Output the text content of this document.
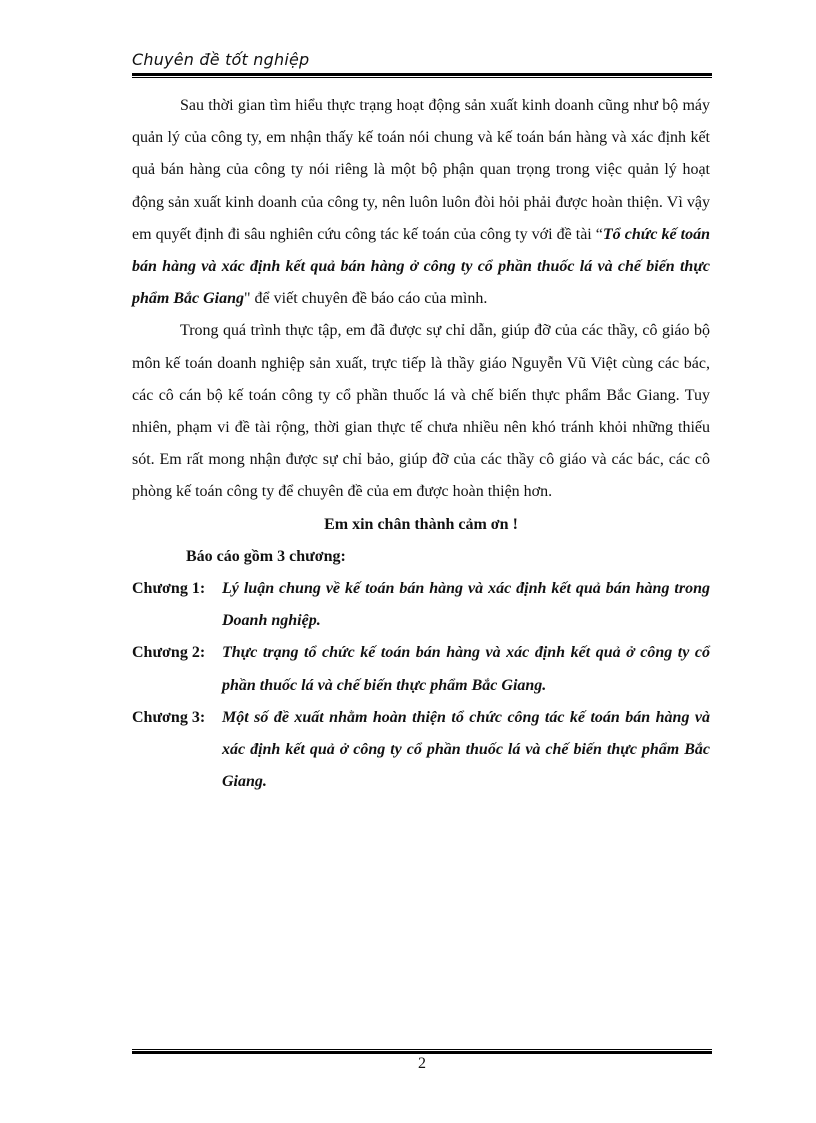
Chuyên đề tốt nghiệp

Sau thời gian tìm hiểu thực trạng hoạt động sản xuất kinh doanh cũng như bộ máy quản lý của công ty, em nhận thấy kế toán nói chung và kế toán bán hàng và xác định kết quả bán hàng của công ty nói riêng là một bộ phận quan trọng trong việc quản lý hoạt động sản xuất kinh doanh của công ty, nên luôn luôn đòi hỏi phải được hoàn thiện. Vì vậy em quyết định đi sâu nghiên cứu công tác kế toán của công ty với đề tài “Tổ chức kế toán bán hàng và xác định kết quả bán hàng ở công ty cổ phần thuốc lá và chế biến thực phẩm Bắc Giang" để viết chuyên đề báo cáo của mình.

Trong quá trình thực tập, em đã được sự chỉ dẫn, giúp đỡ của các thầy, cô giáo bộ môn kế toán doanh nghiệp sản xuất, trực tiếp là thầy giáo Nguyễn Vũ Việt cùng các bác, các cô cán bộ kế toán công ty cổ phần thuốc lá và chế biến thực phẩm Bắc Giang. Tuy nhiên, phạm vi đề tài rộng, thời gian thực tế chưa nhiều nên khó tránh khỏi những thiếu sót. Em rất mong nhận được sự chỉ bảo, giúp đỡ của các thầy cô giáo và các bác, các cô phòng kế toán công ty để chuyên đề của em được hoàn thiện hơn.

Em xin chân thành cảm ơn !

Báo cáo gồm 3 chương:

Chương 1:	Lý luận chung về kế toán bán hàng và xác định kết quả bán hàng trong Doanh nghiệp.
Chương 2:	Thực trạng tổ chức kế toán bán hàng và xác định kết quả ở công ty cổ phần thuốc lá và chế biến thực phẩm Bắc Giang.
Chương 3:	Một số đề xuất nhằm hoàn thiện tổ chức công tác kế toán bán hàng và xác định kết quả ở công ty cổ phần thuốc lá và chế biến thực phẩm Bắc Giang.
2
